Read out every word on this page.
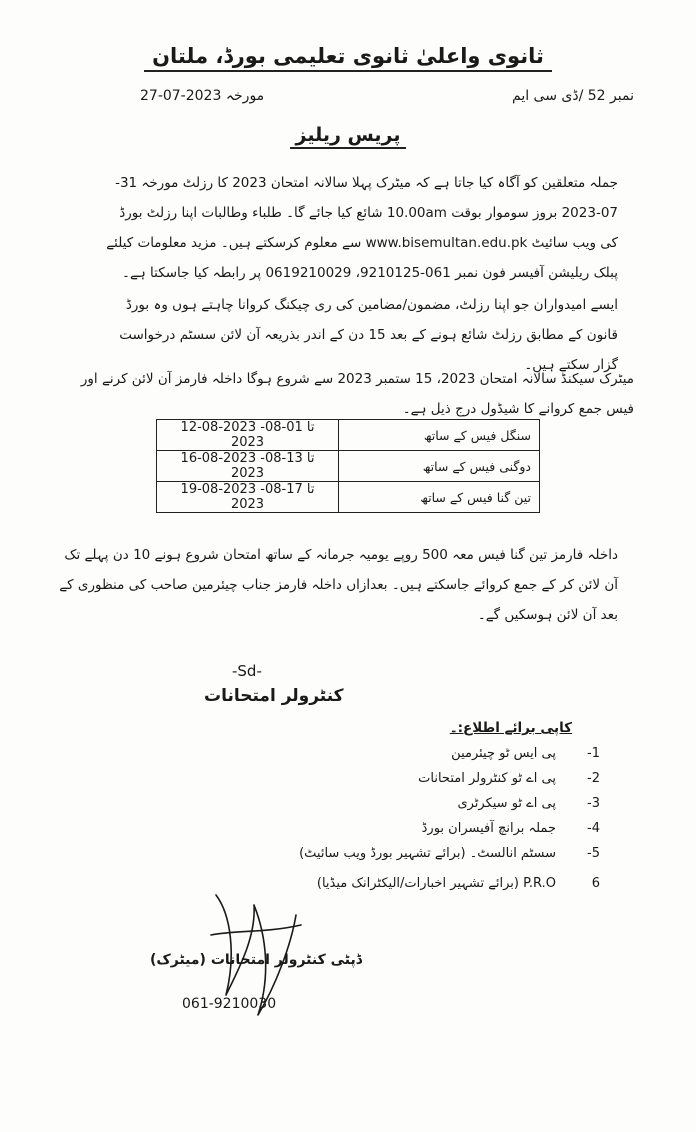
ثانوی واعلیٰ ثانوی تعلیمی بورڈ، ملتان
نمبر 52 /ڈی سی ایم
27-07-2023 مورخہ
پریس ریلیز
جملہ متعلقین کو آگاہ کیا جاتا ہے کہ میٹرک پہلا سالانہ امتحان 2023 کا رزلٹ مورخہ 31-07-2023 بروز سوموار بوقت 10.00am شائع کیا جائے گا۔ طلباء وطالبات اپنا رزلٹ بورڈ کی ویب سائیٹ www.bisemultan.edu.pk سے معلوم کرسکتے ہیں۔ مزید معلومات کیلئے پبلک ریلیشن آفیسر فون نمبر 061-9210125، 0619210029 پر رابطہ کیا جاسکتا ہے۔
ایسے امیدواران جو اپنا رزلٹ، مضمون/مضامین کی ری چیکنگ کروانا چاہتے ہوں وہ بورڈ قانون کے مطابق رزلٹ شائع ہونے کے بعد 15 دن کے اندر بذریعہ آن لائن سسٹم درخواست گزار سکتے ہیں۔
میٹرک سیکنڈ سالانہ امتحان 2023، 15 ستمبر 2023 سے شروع ہوگا داخلہ فارمز آن لائن کرنے اور فیس جمع کروانے کا شیڈول درج ذیل ہے۔
12-08-2023 تا 01-08-2023	سنگل فیس کے ساتھ
16-08-2023 تا 13-08-2023	دوگنی فیس کے ساتھ
19-08-2023 تا 17-08-2023	تین گنا فیس کے ساتھ
داخلہ فارمز تین گنا فیس معہ 500 روپے یومیہ جرمانہ کے ساتھ امتحان شروع ہونے 10 دن پہلے تک آن لائن کر کے جمع کروائے جاسکتے ہیں۔ بعدازاں داخلہ فارمز جناب چیئرمین صاحب کی منظوری کے بعد آن لائن ہوسکیں گے۔
-Sd-
کنٹرولر امتحانات
کاپی برائے اطلاع:۔
-1
پی ایس ٹو چیئرمین
-2
پی اے ٹو کنٹرولر امتحانات
-3
پی اے ٹو سیکرٹری
-4
جملہ برانچ آفیسران بورڈ
-5
سسٹم انالسٹ۔ (برائے تشہیر بورڈ ویب سائیٹ)
6
P.R.O (برائے تشہیر اخبارات/الیکٹرانک میڈیا)
ڈپٹی کنٹرولر امتحانات (میٹرک)
061-9210030
